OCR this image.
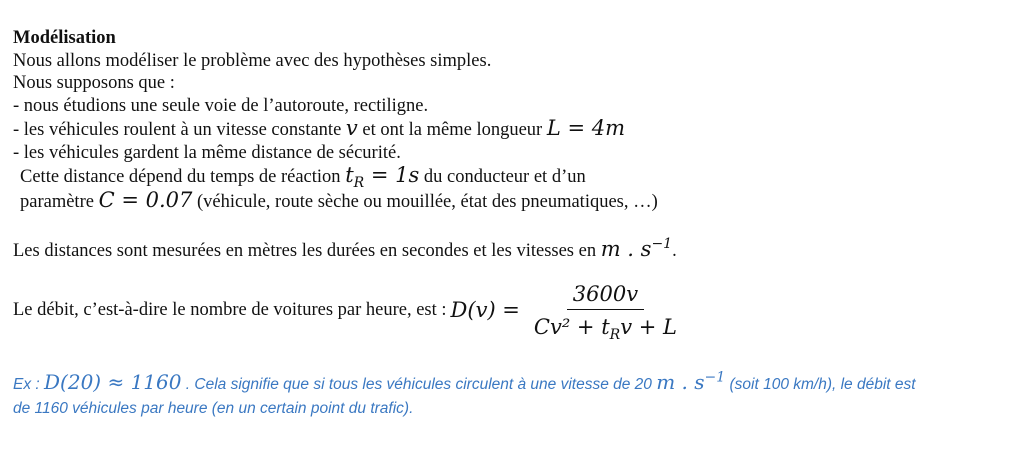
Modélisation
Nous allons modéliser le problème avec des hypothèses simples.
Nous supposons que :
- nous étudions une seule voie de l’autoroute, rectiligne.
- les véhicules roulent à un vitesse constante v et ont la même longueur L = 4m
- les véhicules gardent la même distance de sécurité.
Cette distance dépend du temps de réaction $t_R = 1s$ du conducteur et d’un
paramètre C = 0.07 (véhicule, route sèche ou mouillée, état des pneumatiques, …)
Les distances sont mesurées en mètres les durées en secondes et les vitesses en m . $s^{-1}$.
Le débit, c’est-à-dire le nombre de voitures par heure, est : $D(v) = \frac{3600v}{Cv^2 + t_Rv + L}$
Ex : D(20) ≈ 1160 . Cela signifie que si tous les véhicules circulent à une vitesse de 20 m . $s^{-1}$ (soit 100 km/h), le débit est
de 1160 véhicules par heure (en un certain point du trafic).
